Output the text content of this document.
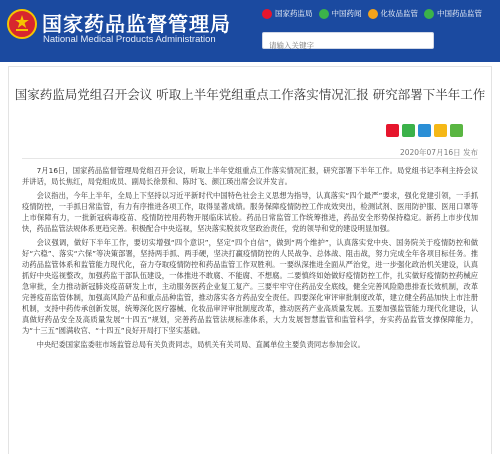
国家药品监督管理局
National Medical Products Administration
国家药监局	中国药闻	化妆品监管	中国药品监管
请输入关键字
国家药监局党组召开会议 听取上半年党组重点工作落实情况汇报 研究部署下半年工作
2020年07月16日 发布

7月16日，国家药品监督管理局党组召开会议，听取上半年党组重点工作落实情况汇报，研究部署下半年工作。局党组书记李利主持会议并讲话，局长焦红，局党组成员、副局长徐景和、陈时飞、颜江瑛出席会议并发言。

会议指出，今年上半年，全局上下坚持以习近平新时代中国特色社会主义思想为指导，认真落实“四个最严”要求，强化党建引领，一手抓疫情防控，一手抓日常监管，有力有序推进各项工作，取得显著成绩。服务保障疫情防控工作成效突出，检测试剂、医用防护服、医用口罩等上市保障有力，一批新冠病毒疫苗、疫情防控用药物开展临床试验。药品日常监管工作统筹推进，药品安全形势保持稳定。新药上市步伐加快，药品监管法规体系更趋完善。积极配合中央巡视，坚决落实脱贫攻坚政治责任，党的领导和党的建设明显加强。

会议强调，做好下半年工作，要切实增强“四个意识”，坚定“四个自信”，做到“两个维护”，认真落实党中央、国务院关于疫情防控和做好“六稳”、落实“六保”等决策部署，坚持两手抓、两手硬，坚决打赢疫情防控的人民战争、总体战、阻击战，努力完成全年各项目标任务。推动药品监管体系和监管能力现代化，奋力夺取疫情防控和药品监管工作双胜利。一要纵深推进全面从严治党，进一步强化政治机关建设，认真抓好中央巡视整改，加强药监干部队伍建设，一体推进不敢腐、不能腐、不想腐。二要慎终如始做好疫情防控工作，扎实做好疫情防控药械应急审批，全力推动新冠肺炎疫苗研发上市，主动服务医药企业复工复产。三要牢牢守住药品安全底线，健全完善风险隐患排查长效机制，改革完善疫苗监管体制，加强高风险产品和重点品种监管，推动落实各方药品安全责任。四要深化审评审批制度改革，建立健全药品加快上市注册机制，支持中药传承创新发展，统筹深化医疗器械、化妆品审评审批制度改革，推动医药产业高质量发展。五要加强监管能力现代化建设，认真做好药品安全及高质量发展“十四五”规划，完善药品监管法规标准体系，大力发展智慧监管和监管科学，夯实药品监管支撑保障能力，为“十三五”圆满收官、“十四五”良好开局打下坚实基础。

中央纪委国家监委驻市场监管总局有关负责同志，局机关有关司局、直属单位主要负责同志参加会议。
